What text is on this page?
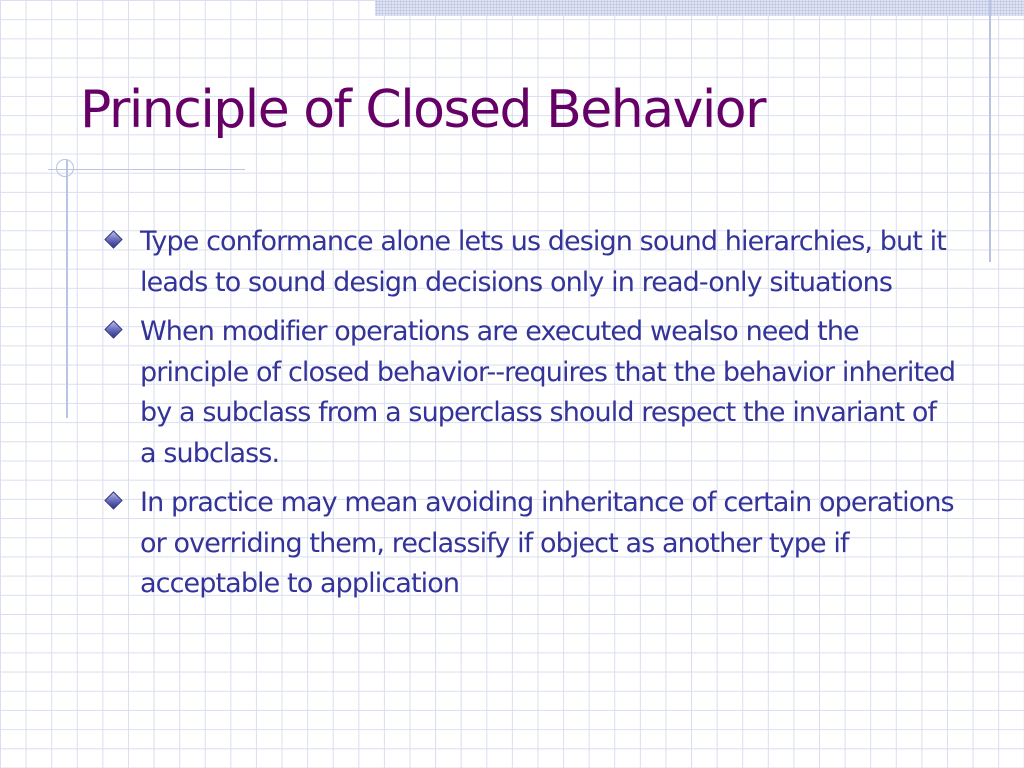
Principle of Closed Behavior
Type conformance alone lets us design sound hierarchies, but it leads to sound design decisions only in read-only situations
When modifier operations are executed wealso need the principle of closed behavior--requires that the behavior inherited by a subclass from a superclass should respect the invariant of a subclass.
In practice may mean avoiding inheritance of certain operations or overriding them, reclassify if object as another type if acceptable to application
